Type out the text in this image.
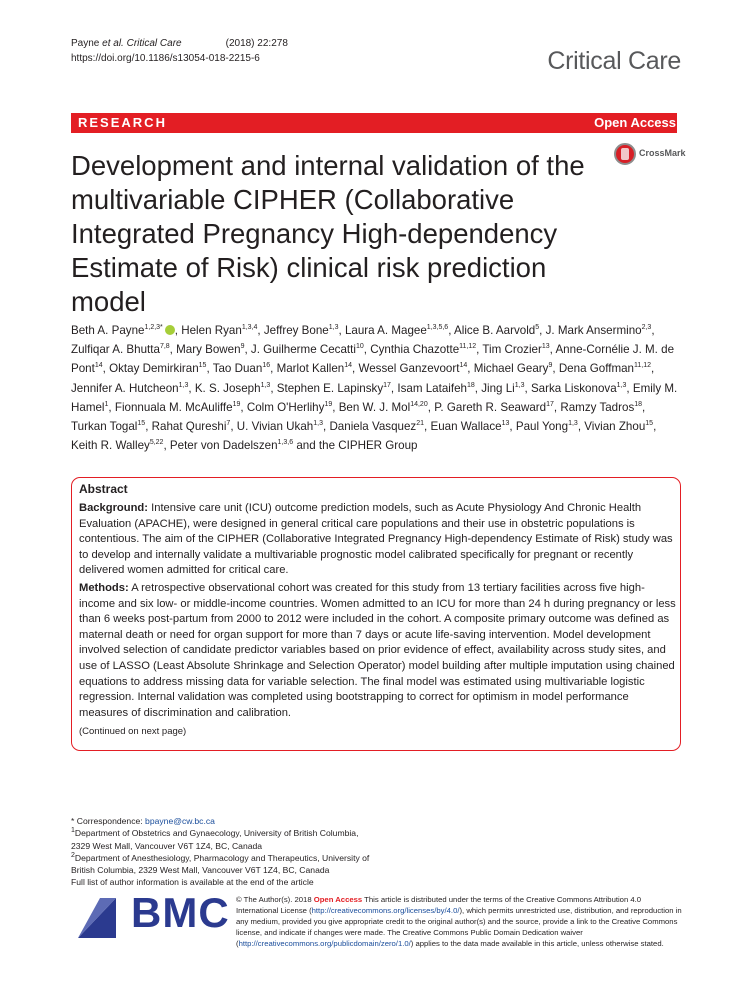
Payne et al. Critical Care	(2018) 22:278
https://doi.org/10.1186/s13054-018-2215-6	Critical Care
RESEARCH	Open Access
Development and internal validation of the multivariable CIPHER (Collaborative Integrated Pregnancy High-dependency Estimate of Risk) clinical risk prediction model
CrossMark
Beth A. Payne$^{1,2,3*}$ , Helen Ryan$^{1,3,4}$, Jeffrey Bone$^{1,3}$, Laura A. Magee$^{1,3,5,6}$, Alice B. Aarvold$^5$, J. Mark Ansermino$^{2,3}$, Zulfiqar A. Bhutta$^{7,8}$, Mary Bowen$^9$, J. Guilherme Cecatti$^{10}$, Cynthia Chazotte$^{11,12}$, Tim Crozier$^{13}$, Anne-Cornélie J. M. de Pont$^{14}$, Oktay Demirkiran$^{15}$, Tao Duan$^{16}$, Marlot Kallen$^{14}$, Wessel Ganzevoort$^{14}$, Michael Geary$^9$, Dena Goffman$^{11,12}$, Jennifer A. Hutcheon$^{1,3}$, K. S. Joseph$^{1,3}$, Stephen E. Lapinsky$^{17}$, Isam Lataifeh$^{18}$, Jing Li$^{1,3}$, Sarka Liskonova$^{1,3}$, Emily M. Hamel$^1$, Fionnuala M. McAuliffe$^{19}$, Colm O'Herlihy$^{19}$, Ben W. J. Mol$^{14,20}$, P. Gareth R. Seaward$^{17}$, Ramzy Tadros$^{18}$, Turkan Togal$^{15}$, Rahat Qureshi$^7$, U. Vivian Ukah$^{1,3}$, Daniela Vasquez$^{21}$, Euan Wallace$^{13}$, Paul Yong$^{1,3}$, Vivian Zhou$^{15}$, Keith R. Walley$^{5,22}$, Peter von Dadelszen$^{1,3,6}$ and the CIPHER Group
Abstract

Background: Intensive care unit (ICU) outcome prediction models, such as Acute Physiology And Chronic Health Evaluation (APACHE), were designed in general critical care populations and their use in obstetric populations is contentious. The aim of the CIPHER (Collaborative Integrated Pregnancy High-dependency Estimate of Risk) study was to develop and internally validate a multivariable prognostic model calibrated specifically for pregnant or recently delivered women admitted for critical care.

Methods: A retrospective observational cohort was created for this study from 13 tertiary facilities across five high-income and six low- or middle-income countries. Women admitted to an ICU for more than 24 h during pregnancy or less than 6 weeks post-partum from 2000 to 2012 were included in the cohort. A composite primary outcome was defined as maternal death or need for organ support for more than 7 days or acute life-saving intervention. Model development involved selection of candidate predictor variables based on prior evidence of effect, availability across study sites, and use of LASSO (Least Absolute Shrinkage and Selection Operator) model building after multiple imputation using chained equations to address missing data for variable selection. The final model was estimated using multivariable logistic regression. Internal validation was completed using bootstrapping to correct for optimism in model performance measures of discrimination and calibration.

(Continued on next page)
* Correspondence: bpayne@cw.bc.ca
$^1$Department of Obstetrics and Gynaecology, University of British Columbia, 2329 West Mall, Vancouver V6T 1Z4, BC, Canada
$^2$Department of Anesthesiology, Pharmacology and Therapeutics, University of British Columbia, 2329 West Mall, Vancouver V6T 1Z4, BC, Canada
Full list of author information is available at the end of the article
BMC © The Author(s). 2018 Open Access This article is distributed under the terms of the Creative Commons Attribution 4.0 International License (http://creativecommons.org/licenses/by/4.0/), which permits unrestricted use, distribution, and reproduction in any medium, provided you give appropriate credit to the original author(s) and the source, provide a link to the Creative Commons license, and indicate if changes were made. The Creative Commons Public Domain Dedication waiver (http://creativecommons.org/publicdomain/zero/1.0/) applies to the data made available in this article, unless otherwise stated.
